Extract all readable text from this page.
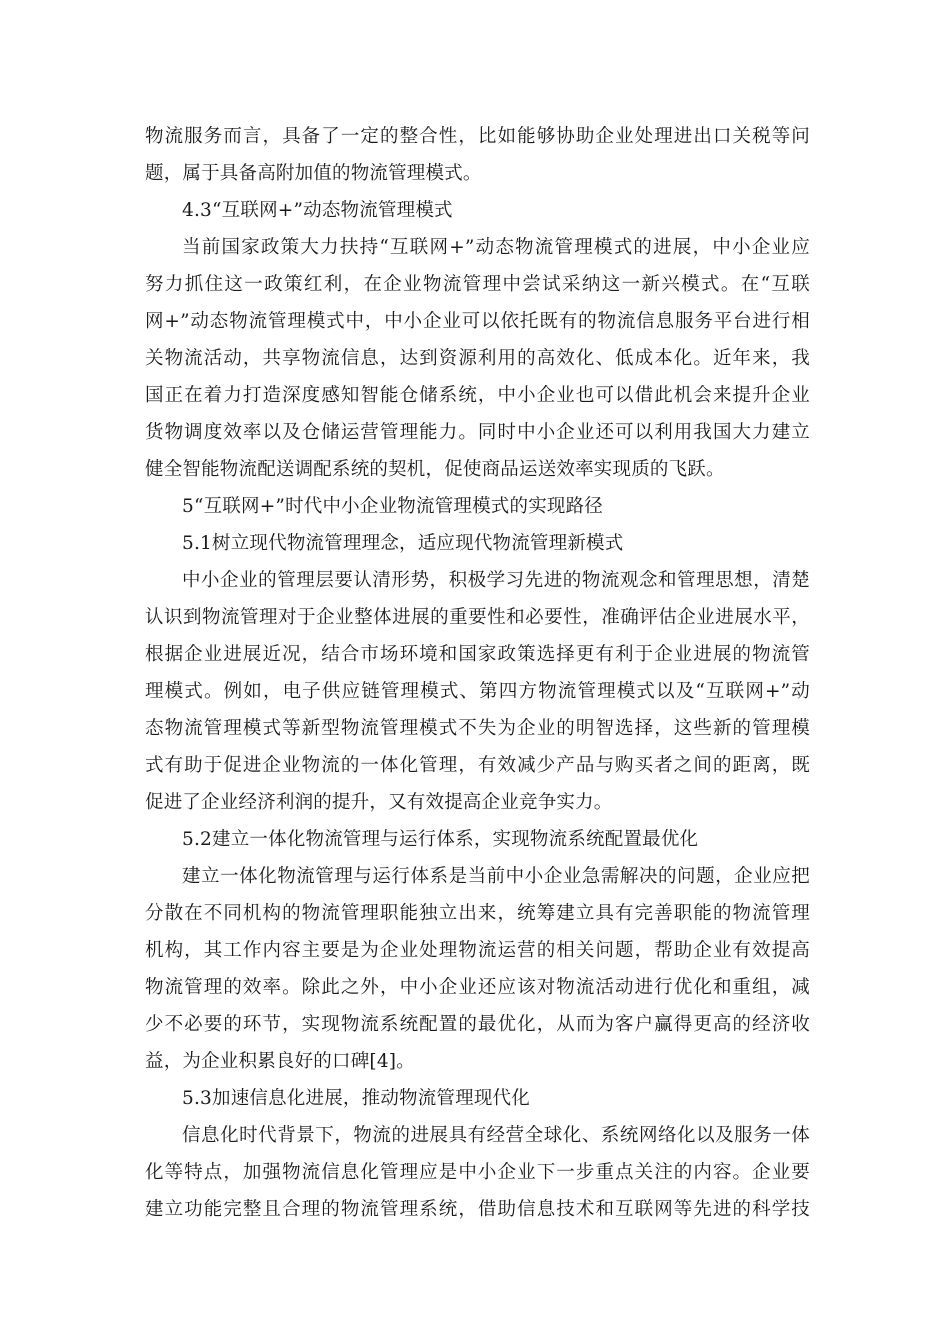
物流服务而言，具备了一定的整合性，比如能够协助企业处理进出口关税等问
题，属于具备高附加值的物流管理模式。
4.3“互联网+”动态物流管理模式
当前国家政策大力扶持“互联网+”动态物流管理模式的进展，中小企业应
努力抓住这一政策红利，在企业物流管理中尝试采纳这一新兴模式。在“互联
网+”动态物流管理模式中，中小企业可以依托既有的物流信息服务平台进行相
关物流活动，共享物流信息，达到资源利用的高效化、低成本化。近年来，我
国正在着力打造深度感知智能仓储系统，中小企业也可以借此机会来提升企业
货物调度效率以及仓储运营管理能力。同时中小企业还可以利用我国大力建立
健全智能物流配送调配系统的契机，促使商品运送效率实现质的飞跃。
5“互联网+”时代中小企业物流管理模式的实现路径
5.1树立现代物流管理理念，适应现代物流管理新模式
中小企业的管理层要认清形势，积极学习先进的物流观念和管理思想，清楚
认识到物流管理对于企业整体进展的重要性和必要性，准确评估企业进展水平，
根据企业进展近况，结合市场环境和国家政策选择更有利于企业进展的物流管
理模式。例如，电子供应链管理模式、第四方物流管理模式以及“互联网+”动
态物流管理模式等新型物流管理模式不失为企业的明智选择，这些新的管理模
式有助于促进企业物流的一体化管理，有效减少产品与购买者之间的距离，既
促进了企业经济利润的提升，又有效提高企业竞争实力。
5.2建立一体化物流管理与运行体系，实现物流系统配置最优化
建立一体化物流管理与运行体系是当前中小企业急需解决的问题，企业应把
分散在不同机构的物流管理职能独立出来，统筹建立具有完善职能的物流管理
机构，其工作内容主要是为企业处理物流运营的相关问题，帮助企业有效提高
物流管理的效率。除此之外，中小企业还应该对物流活动进行优化和重组，减
少不必要的环节，实现物流系统配置的最优化，从而为客户赢得更高的经济收
益，为企业积累良好的口碑[4]。
5.3加速信息化进展，推动物流管理现代化
信息化时代背景下，物流的进展具有经营全球化、系统网络化以及服务一体
化等特点，加强物流信息化管理应是中小企业下一步重点关注的内容。企业要
建立功能完整且合理的物流管理系统，借助信息技术和互联网等先进的科学技
